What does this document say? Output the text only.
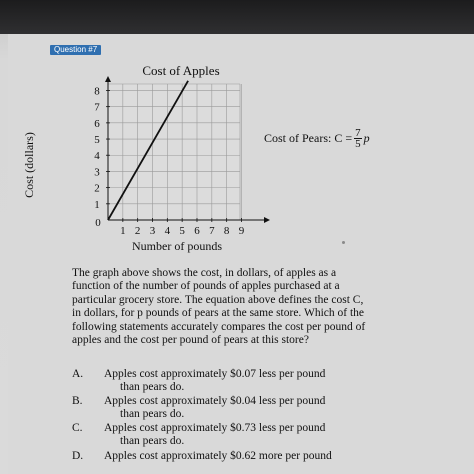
Question #7
Cost of Apples
1 2 3 4 5 6 7 8 9
1
2
3
4
5
6
7
8
0
Cost (dollars)
Number of pounds
Cost of Pears: $C = \frac{7}{5}$ p
The graph above shows the cost, in dollars, of apples as a function of the number of pounds of apples purchased at a particular grocery store. The equation above defines the cost C, in dollars, for p pounds of pears at the same store. Which of the following statements accurately compares the cost per pound of apples and the cost per pound of pears at this store?
A.	Apples cost approximately $0.07 less per pound
than pears do.
B.	Apples cost approximately $0.04 less per pound
than pears do.
C.	Apples cost approximately $0.73 less per pound
than pears do.
D.	Apples cost approximately $0.62 more per pound
